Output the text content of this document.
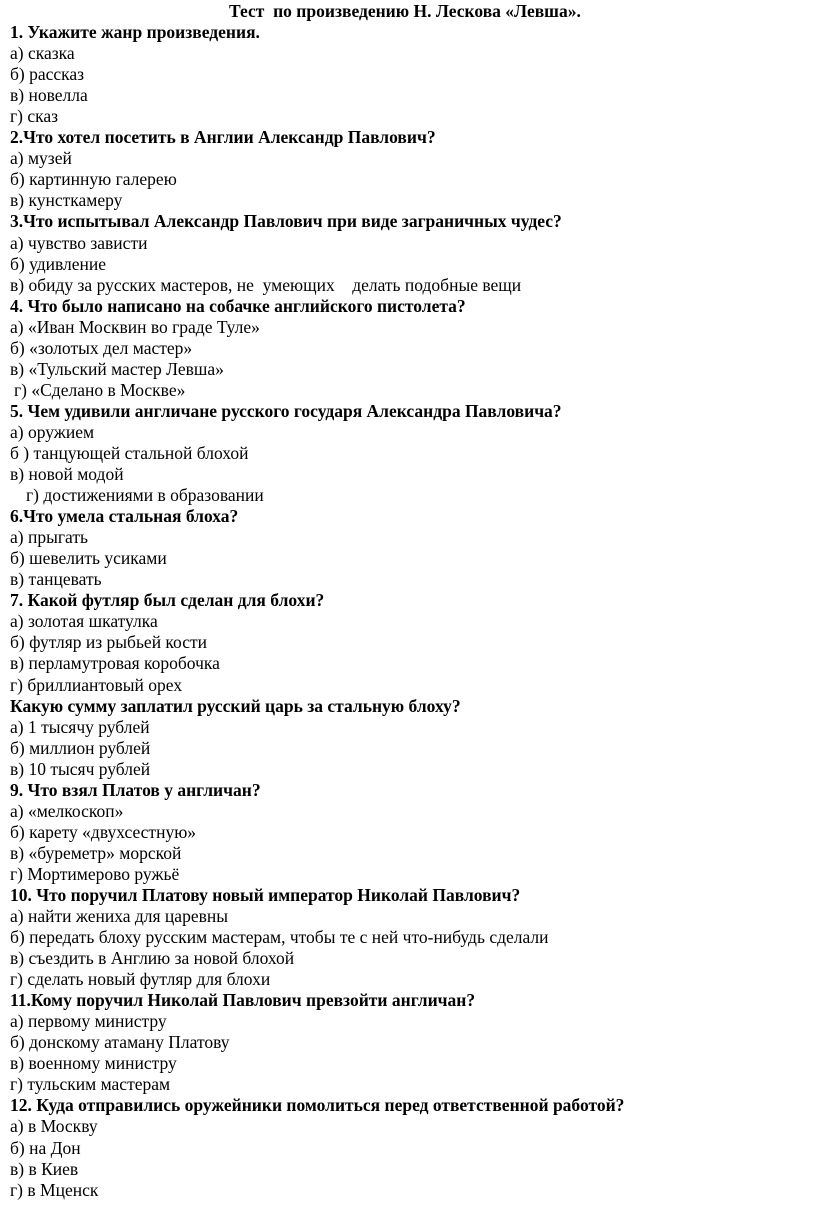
Тест  по произведению Н. Лескова «Левша».
1. Укажите жанр произведения.
а) сказка
б) рассказ
в) новелла
г) сказ
2.Что хотел посетить в Англии Александр Павлович?
а) музей
б) картинную галерею
в) кунсткамеру
3.Что испытывал Александр Павлович при виде заграничных чудес?
а) чувство зависти
б) удивление
в) обиду за русских мастеров, не  умеющих    делать подобные вещи
4. Что было написано на собачке английского пистолета?
а) «Иван Москвин во граде Туле»
б) «золотых дел мастер»
в) «Тульский мастер Левша»
г) «Сделано в Москве»
5. Чем удивили англичане русского государя Александра Павловича?
а) оружием
б ) танцующей стальной блохой
в) новой модой
г) достижениями в образовании
6.Что умела стальная блоха?
а) прыгать
б) шевелить усиками
в) танцевать
7. Какой футляр был сделан для блохи?
а) золотая шкатулка
б) футляр из рыбьей кости
в) перламутровая коробочка
г) бриллиантовый орех
Какую сумму заплатил русский царь за стальную блоху?
а) 1 тысячу рублей
б) миллион рублей
в) 10 тысяч рублей
9. Что взял Платов у англичан?
а) «мелкоскоп»
б) карету «двухсестную»
в) «буреметр» морской
г) Мортимерово ружьё
10. Что поручил Платову новый император Николай Павлович?
а) найти жениха для царевны
б) передать блоху русским мастерам, чтобы те с ней что-нибудь сделали
в) съездить в Англию за новой блохой
г) сделать новый футляр для блохи
11.Кому поручил Николай Павлович превзойти англичан?
а) первому министру
б) донскому атаману Платову
в) военному министру
г) тульским мастерам
12. Куда отправились оружейники помолиться перед ответственной работой?
а) в Москву
б) на Дон
в) в Киев
г) в Мценск
